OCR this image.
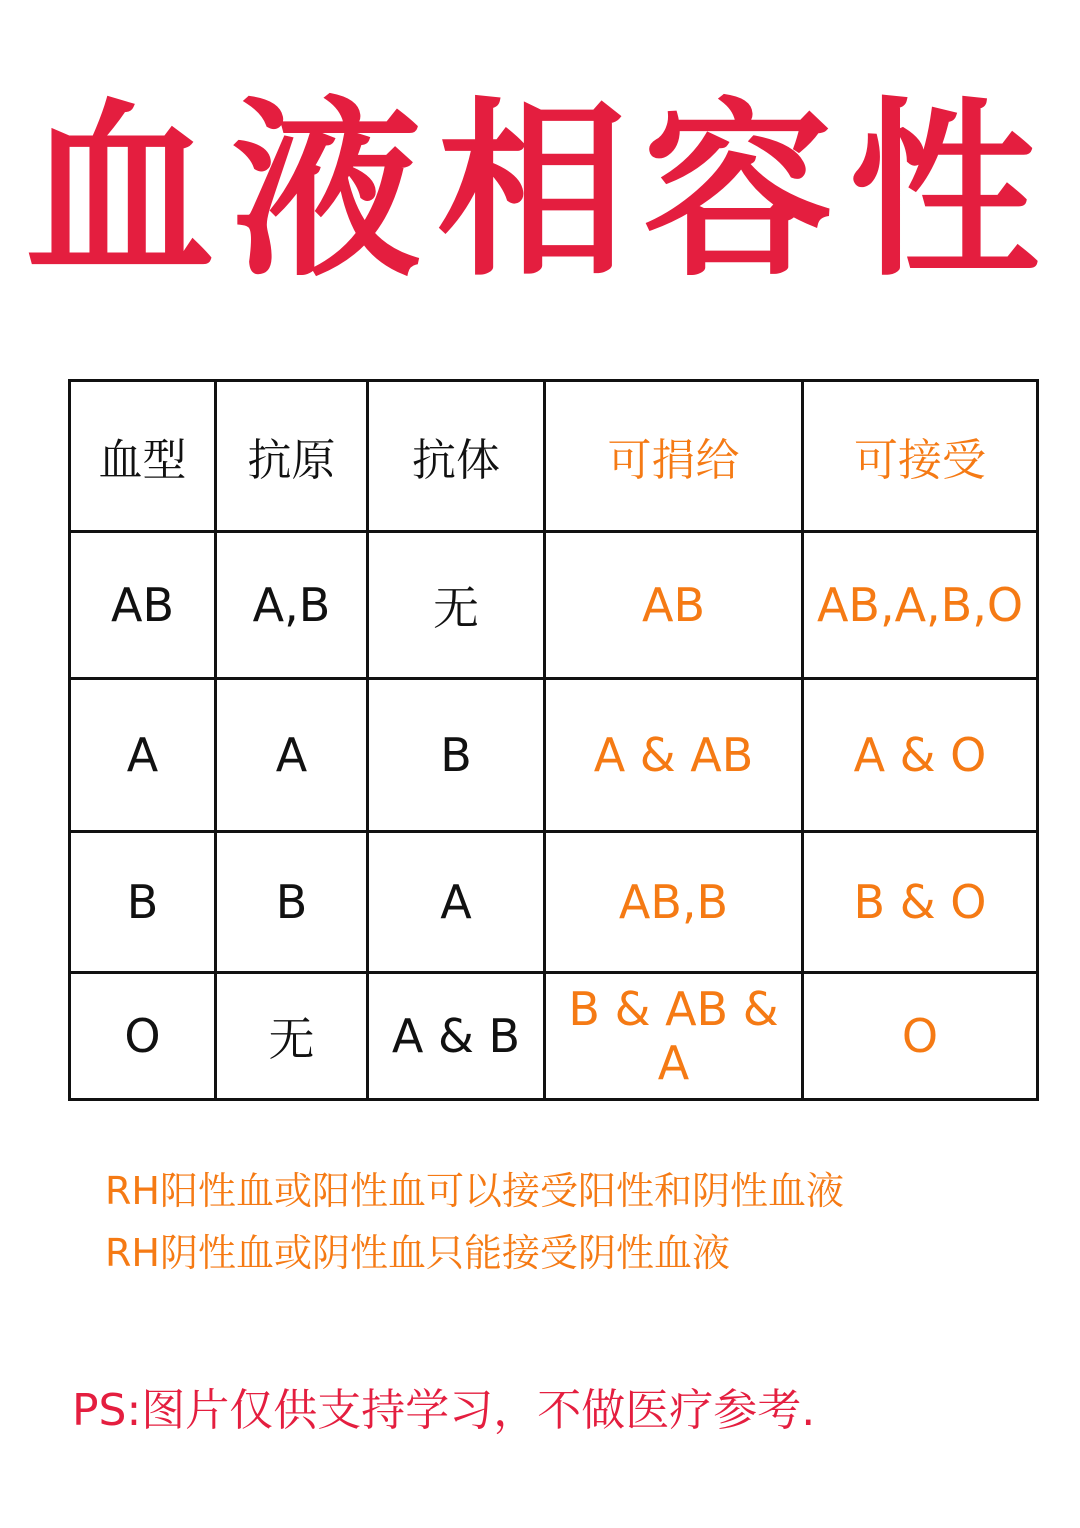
血液相容性
血型	抗原	抗体	可捐给	可接受
AB	A,B	无	AB	AB,A,B,O
A	A	B	A & AB	A & O
B	B	A	AB,B	B & O
O	无	A & B	B & AB & A	O
RH阳性血或阳性血可以接受阳性和阴性血液
RH阴性血或阴性血只能接受阴性血液
PS:图片仅供支持学习，不做医疗参考.
